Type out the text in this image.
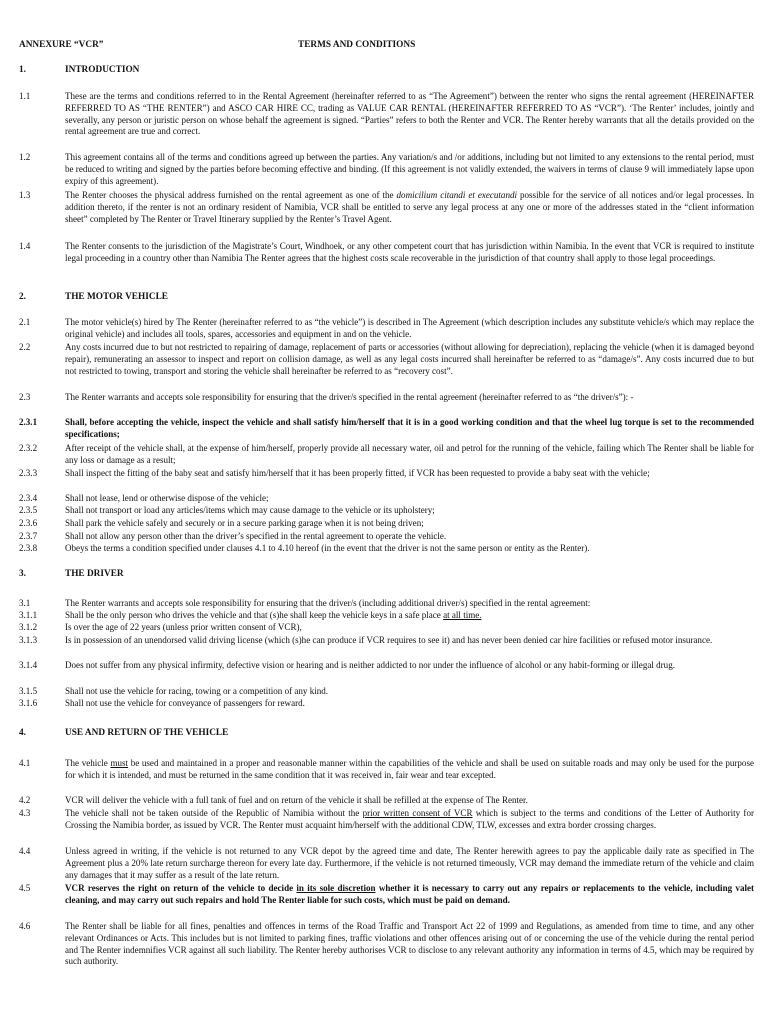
ANNEXURE “VCR”	TERMS AND CONDITIONS
1.	INTRODUCTION
1.1	These are the terms and conditions referred to in the Rental Agreement (hereinafter referred to as “The Agreement”) between the renter who signs the rental agreement (HEREINAFTER REFERRED TO AS “THE RENTER”) and ASCO CAR HIRE CC, trading as VALUE CAR RENTAL (HEREINAFTER REFERRED TO AS “VCR”). ‘The Renter’ includes, jointly and severally, any person or juristic person on whose behalf the agreement is signed. “Parties” refers to both the Renter and VCR. The Renter hereby warrants that all the details provided on the rental agreement are true and correct.
1.2	This agreement contains all of the terms and conditions agreed up between the parties. Any variation/s and /or additions, including but not limited to any extensions to the rental period, must be reduced to writing and signed by the parties before becoming effective and binding. (If this agreement is not validly extended, the waivers in terms of clause 9 will immediately lapse upon expiry of this agreement).
1.3	The Renter chooses the physical address furnished on the rental agreement as one of the domicilium citandi et executandi possible for the service of all notices and/or legal processes. In addition thereto, if the renter is not an ordinary resident of Namibia, VCR shall be entitled to serve any legal process at any one or more of the addresses stated in the “client information sheet” completed by The Renter or Travel Itinerary supplied by the Renter’s Travel Agent.
1.4	The Renter consents to the jurisdiction of the Magistrate’s Court, Windhoek, or any other competent court that has jurisdiction within Namibia. In the event that VCR is required to institute legal proceeding in a country other than Namibia The Renter agrees that the highest costs scale recoverable in the jurisdiction of that country shall apply to those legal proceedings.
2.	THE MOTOR VEHICLE
2.1	The motor vehicle(s) hired by The Renter (hereinafter referred to as “the vehicle”) is described in The Agreement (which description includes any substitute vehicle/s which may replace the original vehicle) and includes all tools, spares, accessories and equipment in and on the vehicle.
2.2	Any costs incurred due to but not restricted to repairing of damage, replacement of parts or accessories (without allowing for depreciation), replacing the vehicle (when it is damaged beyond repair), remunerating an assessor to inspect and report on collision damage, as well as any legal costs incurred shall hereinafter be referred to as “damage/s”. Any costs incurred due to but not restricted to towing, transport and storing the vehicle shall hereinafter be referred to as “recovery cost”.
2.3	The Renter warrants and accepts sole responsibility for ensuring that the driver/s specified in the rental agreement (hereinafter referred to as “the driver/s”): -
2.3.1	Shall, before accepting the vehicle, inspect the vehicle and shall satisfy him/herself that it is in a good working condition and that the wheel lug torque is set to the recommended specifications;
2.3.2	After receipt of the vehicle shall, at the expense of him/herself, properly provide all necessary water, oil and petrol for the running of the vehicle, failing which The Renter shall be liable for any loss or damage as a result;
2.3.3	Shall inspect the fitting of the baby seat and satisfy him/herself that it has been properly fitted, if VCR has been requested to provide a baby seat with the vehicle;
2.3.4	Shall not lease, lend or otherwise dispose of the vehicle;
2.3.5	Shall not transport or load any articles/items which may cause damage to the vehicle or its upholstery;
2.3.6	Shall park the vehicle safely and securely or in a secure parking garage when it is not being driven;
2.3.7	Shall not allow any person other than the driver’s specified in the rental agreement to operate the vehicle.
2.3.8	Obeys the terms a condition specified under clauses 4.1 to 4.10 hereof (in the event that the driver is not the same person or entity as the Renter).
3.	THE DRIVER
3.1	The Renter warrants and accepts sole responsibility for ensuring that the driver/s (including additional driver/s) specified in the rental agreement:
3.1.1	Shall be the only person who drives the vehicle and that (s)he shall keep the vehicle keys in a safe place at all time.
3.1.2	Is over the age of 22 years (unless prior written consent of VCR),
3.1.3	Is in possession of an unendorsed valid driving license (which (s)he can produce if VCR requires to see it) and has never been denied car hire facilities or refused motor insurance.
3.1.4	Does not suffer from any physical infirmity, defective vision or hearing and is neither addicted to nor under the influence of alcohol or any habit-forming or illegal drug.
3.1.5	Shall not use the vehicle for racing, towing or a competition of any kind.
3.1.6	Shall not use the vehicle for conveyance of passengers for reward.
4.	USE AND RETURN OF THE VEHICLE
4.1	The vehicle must be used and maintained in a proper and reasonable manner within the capabilities of the vehicle and shall be used on suitable roads and may only be used for the purpose for which it is intended, and must be returned in the same condition that it was received in, fair wear and tear excepted.
4.2	VCR will deliver the vehicle with a full tank of fuel and on return of the vehicle it shall be refilled at the expense of The Renter.
4.3	The vehicle shall not be taken outside of the Republic of Namibia without the prior written consent of VCR which is subject to the terms and conditions of the Letter of Authority for Crossing the Namibia border, as issued by VCR. The Renter must acquaint him/herself with the additional CDW, TLW, excesses and extra border crossing charges.
4.4	Unless agreed in writing, if the vehicle is not returned to any VCR depot by the agreed time and date, The Renter herewith agrees to pay the applicable daily rate as specified in The Agreement plus a 20% late return surcharge thereon for every late day. Furthermore, if the vehicle is not returned timeously, VCR may demand the immediate return of the vehicle and claim any damages that it may suffer as a result of the late return.
4.5	VCR reserves the right on return of the vehicle to decide in its sole discretion whether it is necessary to carry out any repairs or replacements to the vehicle, including valet cleaning, and may carry out such repairs and hold The Renter liable for such costs, which must be paid on demand.
4.6	The Renter shall be liable for all fines, penalties and offences in terms of the Road Traffic and Transport Act 22 of 1999 and Regulations, as amended from time to time, and any other relevant Ordinances or Acts. This includes but is not limited to parking fines, traffic violations and other offences arising out of or concerning the use of the vehicle during the rental period and The Renter indemnifies VCR against all such liability. The Renter hereby authorises VCR to disclose to any relevant authority any information in terms of 4.5, which may be required by such authority.
